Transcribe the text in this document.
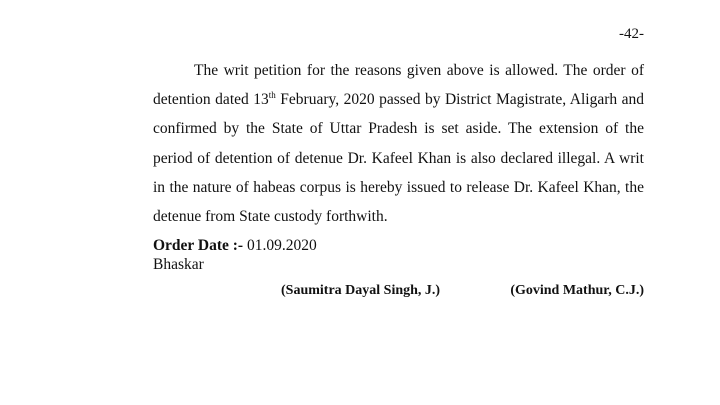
-42-

The writ petition for the reasons given above is allowed. The order of detention dated 13th February, 2020 passed by District Magistrate, Aligarh and confirmed by the State of Uttar Pradesh is set aside. The extension of the period of detention of detenue Dr. Kafeel Khan is also declared illegal. A writ in the nature of habeas corpus is hereby issued to release Dr. Kafeel Khan, the detenue from State custody forthwith.

Order Date :- 01.09.2020

Bhaskar

(Saumitra Dayal Singh, J.)	(Govind Mathur, C.J.)
